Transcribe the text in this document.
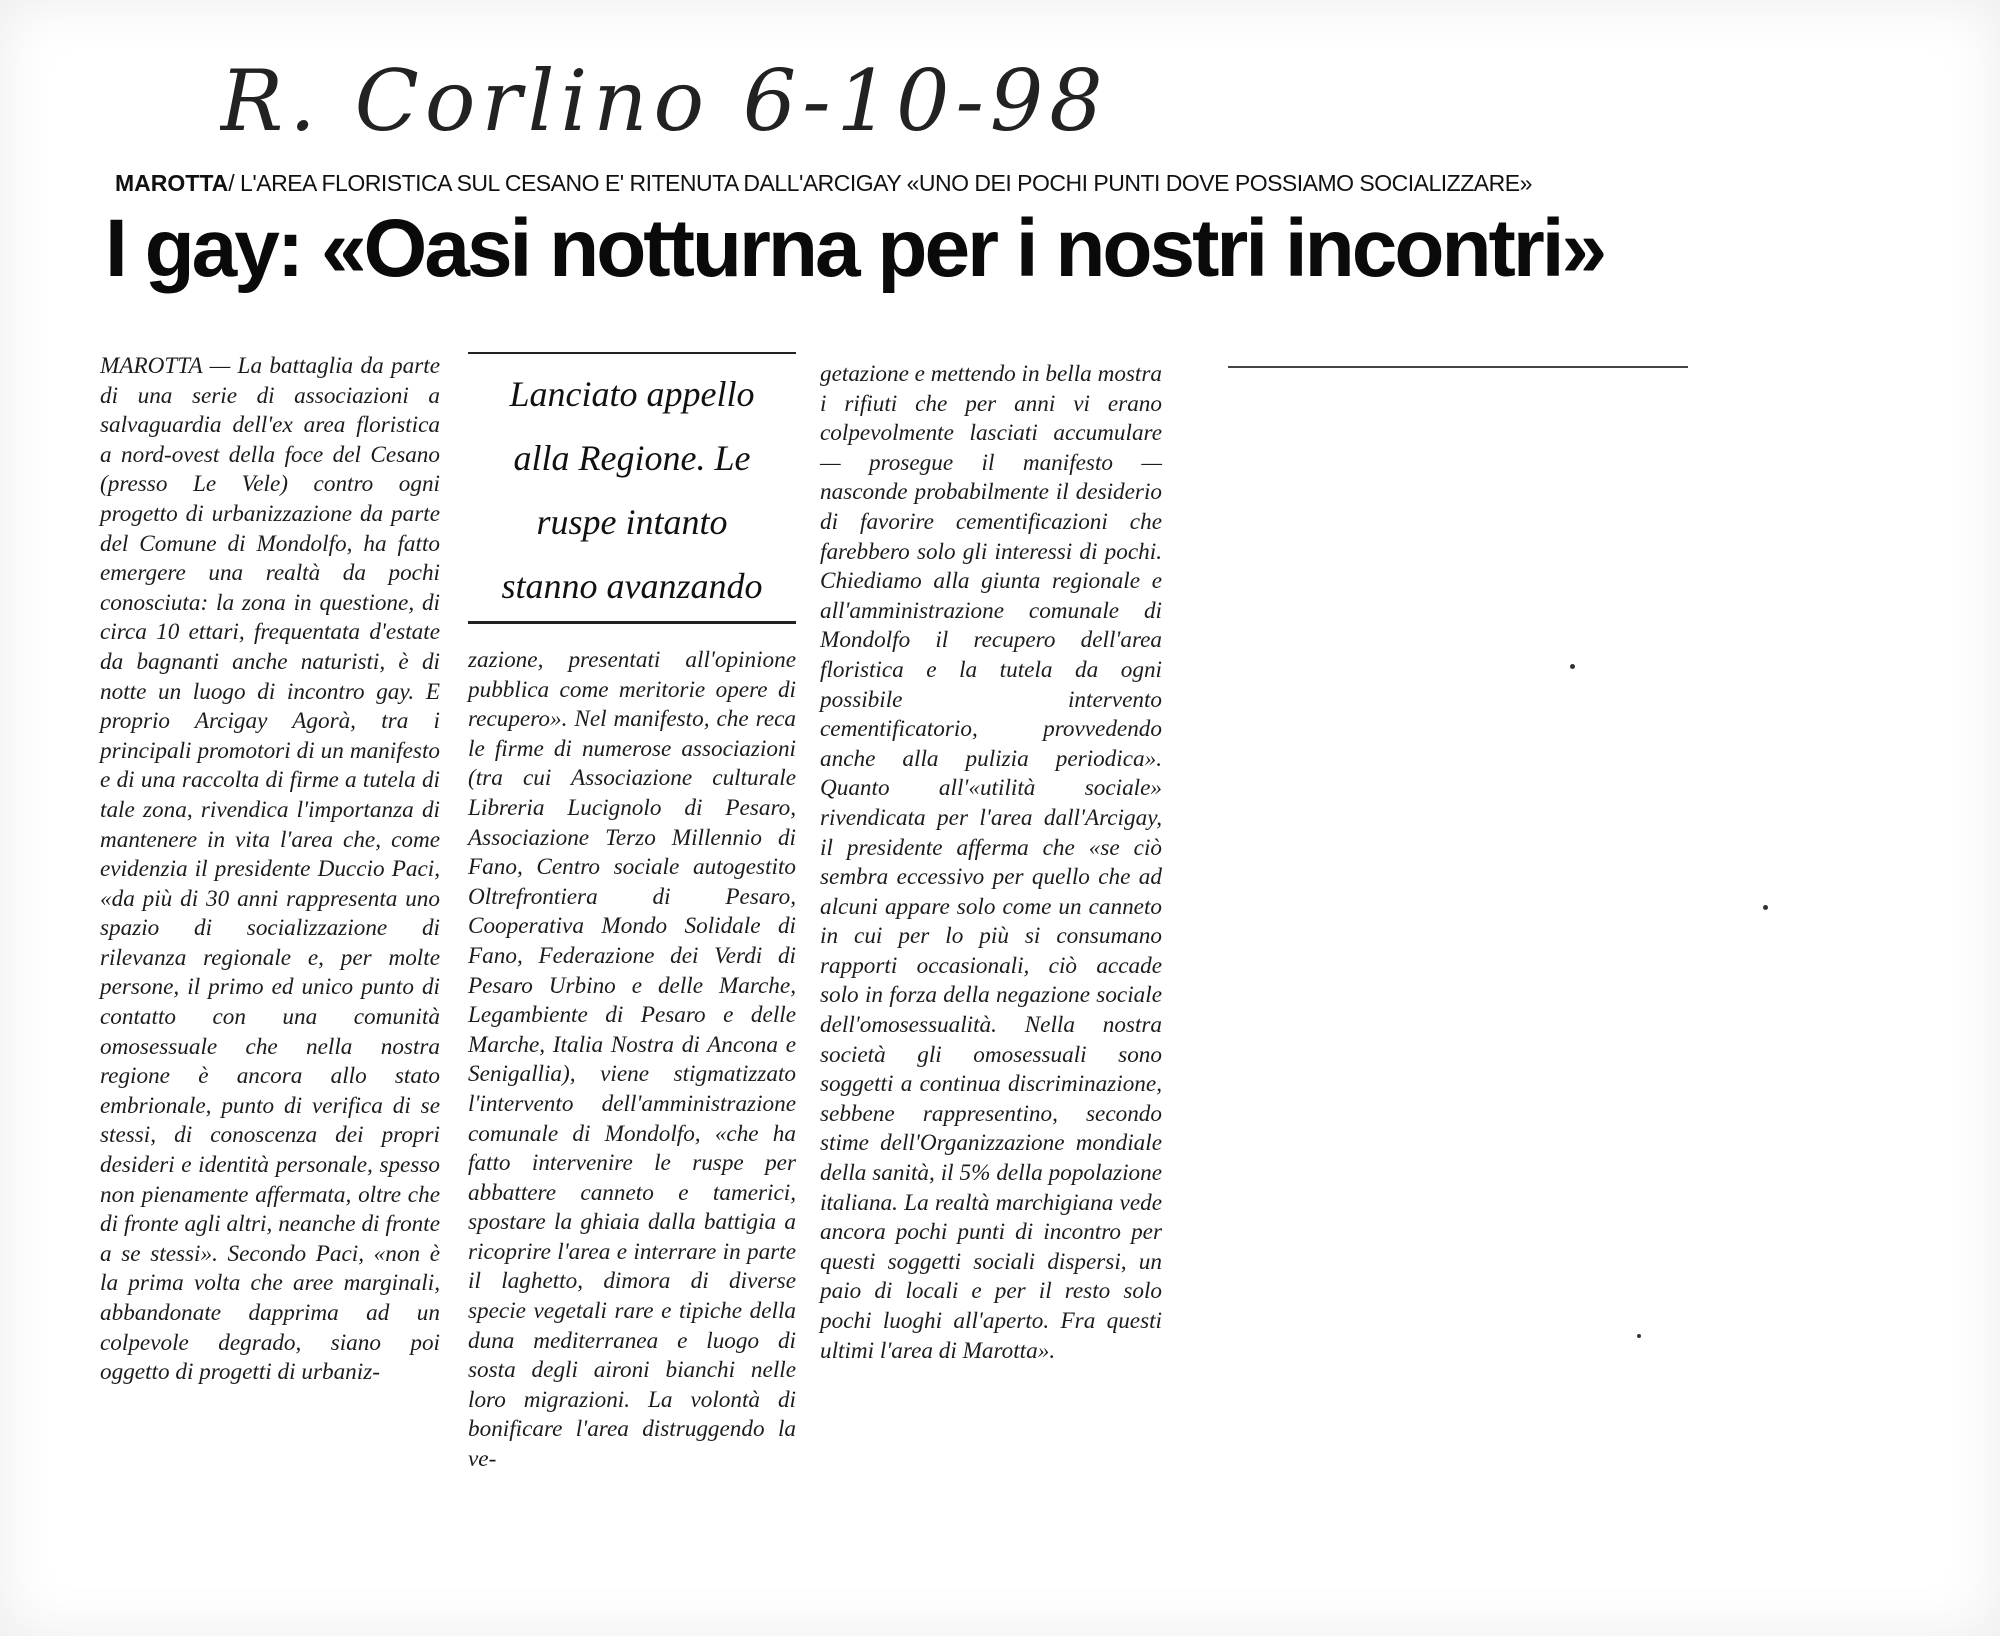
R. Corlino 6-10-98
MAROTTA/ L'AREA FLORISTICA SUL CESANO E' RITENUTA DALL'ARCIGAY «UNO DEI POCHI PUNTI DOVE POSSIAMO SOCIALIZZARE»
I gay: «Oasi notturna per i nostri incontri»

MAROTTA — La battaglia da parte di una serie di associazioni a salvaguardia dell'ex area floristica a nord-ovest della foce del Cesano (presso Le Vele) contro ogni progetto di urbanizzazione da parte del Comune di Mondolfo, ha fatto emergere una realtà da pochi conosciuta: la zona in questione, di circa 10 ettari, frequentata d'estate da bagnanti anche naturisti, è di notte un luogo di incontro gay. E proprio Arcigay Agorà, tra i principali promotori di un manifesto e di una raccolta di firme a tutela di tale zona, rivendica l'importanza di mantenere in vita l'area che, come evidenzia il presidente Duccio Paci, «da più di 30 anni rappresenta uno spazio di socializzazione di rilevanza regionale e, per molte persone, il primo ed unico punto di contatto con una comunità omosessuale che nella nostra regione è ancora allo stato embrionale, punto di verifica di se stessi, di conoscenza dei propri desideri e identità personale, spesso non pienamente affermata, oltre che di fronte agli altri, neanche di fronte a se stessi». Secondo Paci, «non è la prima volta che aree marginali, abbandonate dapprima ad un colpevole degrado, siano poi oggetto di progetti di urbaniz-

Lanciato appello
alla Regione. Le
ruspe intanto
stanno avanzando

zazione, presentati all'opinione pubblica come meritorie opere di recupero». Nel manifesto, che reca le firme di numerose associazioni (tra cui Associazione culturale Libreria Lucignolo di Pesaro, Associazione Terzo Millennio di Fano, Centro sociale autogestito Oltrefrontiera di Pesaro, Cooperativa Mondo Solidale di Fano, Federazione dei Verdi di Pesaro Urbino e delle Marche, Legambiente di Pesaro e delle Marche, Italia Nostra di Ancona e Senigallia), viene stigmatizzato l'intervento dell'amministrazione comunale di Mondolfo, «che ha fatto intervenire le ruspe per abbattere canneto e tamerici, spostare la ghiaia dalla battigia a ricoprire l'area e interrare in parte il laghetto, dimora di diverse specie vegetali rare e tipiche della duna mediterranea e luogo di sosta degli aironi bianchi nelle loro migrazioni. La volontà di bonificare l'area distruggendo la ve-

getazione e mettendo in bella mostra i rifiuti che per anni vi erano colpevolmente lasciati accumulare — prosegue il manifesto — nasconde probabilmente il desiderio di favorire cementificazioni che farebbero solo gli interessi di pochi. Chiediamo alla giunta regionale e all'amministrazione comunale di Mondolfo il recupero dell'area floristica e la tutela da ogni possibile intervento cementificatorio, provvedendo anche alla pulizia periodica». Quanto all'«utilità sociale» rivendicata per l'area dall'Arcigay, il presidente afferma che «se ciò sembra eccessivo per quello che ad alcuni appare solo come un canneto in cui per lo più si consumano rapporti occasionali, ciò accade solo in forza della negazione sociale dell'omosessualità. Nella nostra società gli omosessuali sono soggetti a continua discriminazione, sebbene rappresentino, secondo stime dell'Organizzazione mondiale della sanità, il 5% della popolazione italiana. La realtà marchigiana vede ancora pochi punti di incontro per questi soggetti sociali dispersi, un paio di locali e per il resto solo pochi luoghi all'aperto. Fra questi ultimi l'area di Marotta».
